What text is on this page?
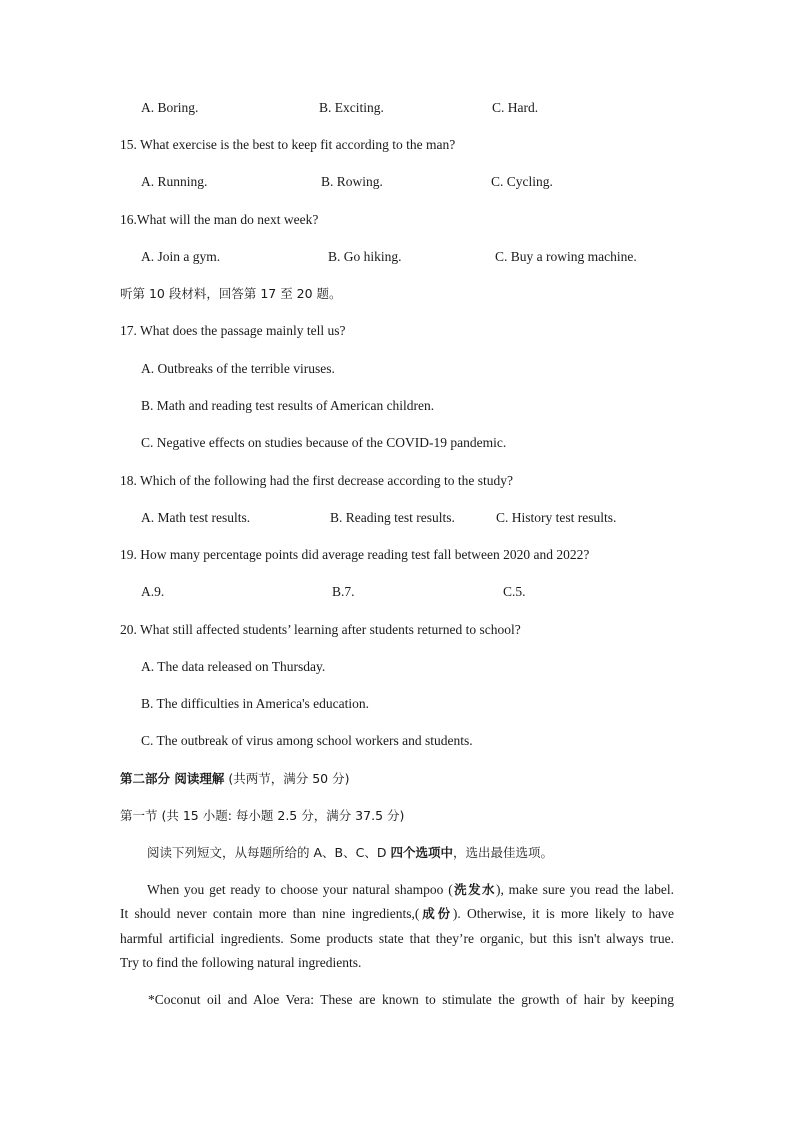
A. Boring.	B. Exciting.	C. Hard.
15. What exercise is the best to keep fit according to the man?
A. Running.	B. Rowing.	C. Cycling.
16.What will the man do next week?
A. Join a gym.	B. Go hiking.	C. Buy a rowing machine.
听第 10 段材料，回答第 17 至 20 题。
17. What does the passage mainly tell us?
A. Outbreaks of the terrible viruses.
B. Math and reading test results of American children.
C. Negative effects on studies because of the COVID-19 pandemic.
18. Which of the following had the first decrease according to the study?
A. Math test results.	B. Reading test results.	C. History test results.
19. How many percentage points did average reading test fall between 2020 and 2022?
A.9.	B.7.	C.5.
20. What still affected students’ learning after students returned to school?
A. The data released on Thursday.
B. The difficulties in America's education.
C. The outbreak of virus among school workers and students.
第二部分 阅读理解 (共两节，满分 50 分)
第一节 (共 15 小题: 每小题 2.5 分，满分 37.5 分)
阅读下列短文，从每题所给的 A、B、C、D 四个选项中，选出最佳选项。
When you get ready to choose your natural shampoo (洗发水), make sure you read the label.
It should never contain more than nine ingredients,(成份). Otherwise, it is more likely to have
harmful artificial ingredients. Some products state that they’re organic, but this isn't always true.
Try to find the following natural ingredients.
*Coconut oil and Aloe Vera: These are known to stimulate the growth of hair by keeping
